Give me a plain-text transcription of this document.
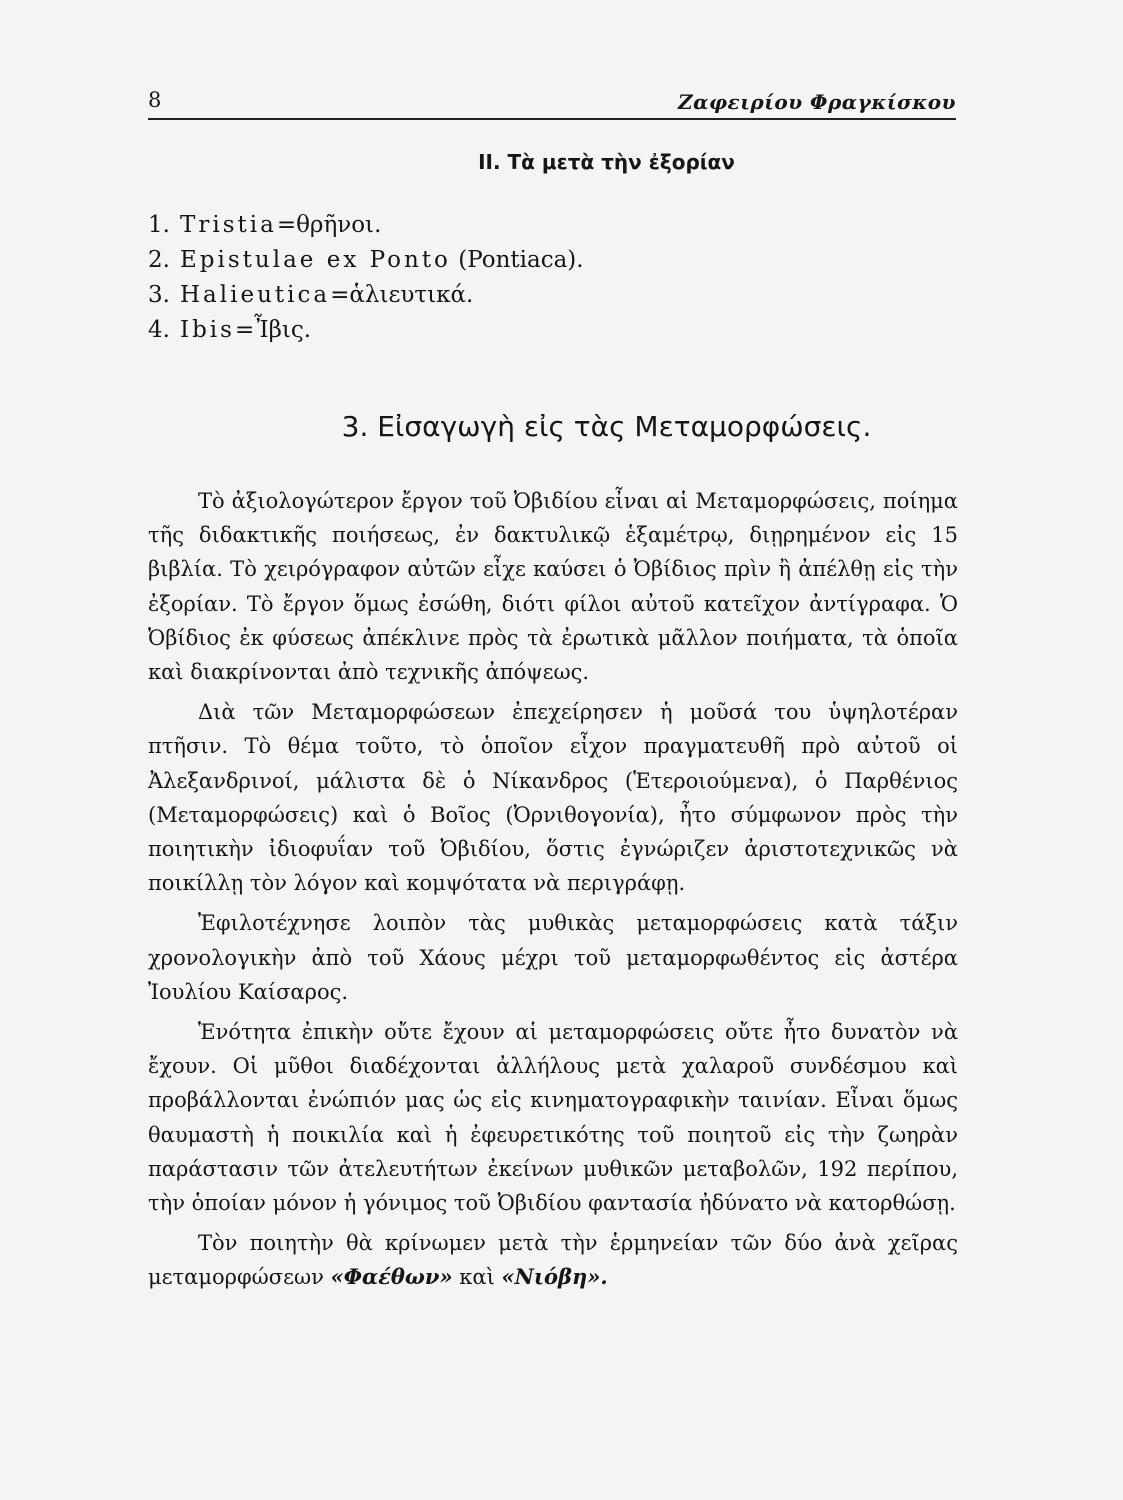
8	Ζαφειρίου Φραγκίσκου
II. Τὰ μετὰ τὴν ἐξορίαν
1. Tristia=θρῆνοι.
2. Epistulae ex Ponto (Pontiaca).
3. Halieutica=ἁλιευτικά.
4. Ibis=Ἶβις.
3. Εἰσαγωγὴ εἰς τὰς Μεταμορφώσεις.

Τὸ ἀξιολογώτερον ἔργον τοῦ Ὀβιδίου εἶναι αἱ Μεταμορφώσεις, ποίημα τῆς διδακτικῆς ποιήσεως, ἐν δακτυλικῷ ἑξαμέτρῳ, διῃρημένον εἰς 15 βιβλία. Τὸ χειρόγραφον αὐτῶν εἶχε καύσει ὁ Ὀβίδιος πρὶν ἢ ἀπέλθῃ εἰς τὴν ἐξορίαν. Τὸ ἔργον ὅμως ἐσώθη, διότι φίλοι αὐτοῦ κατεῖχον ἀντίγραφα. Ὁ Ὀβίδιος ἐκ φύσεως ἀπέκλινε πρὸς τὰ ἐρωτικὰ μᾶλλον ποιήματα, τὰ ὁποῖα καὶ διακρίνονται ἀπὸ τεχνικῆς ἀπόψεως.

Διὰ τῶν Μεταμορφώσεων ἐπεχείρησεν ἡ μοῦσά του ὑψηλοτέραν πτῆσιν. Τὸ θέμα τοῦτο, τὸ ὁποῖον εἶχον πραγματευθῆ πρὸ αὐτοῦ οἱ Ἀλεξανδρινοί, μάλιστα δὲ ὁ Νίκανδρος (Ἑτεροιούμενα), ὁ Παρθένιος (Μεταμορφώσεις) καὶ ὁ Βοῖος (Ὀρνιθογονία), ἦτο σύμφωνον πρὸς τὴν ποιητικὴν ἰδιοφυΐαν τοῦ Ὀβιδίου, ὅστις ἐγνώριζεν ἀριστοτεχνικῶς νὰ ποικίλλῃ τὸν λόγον καὶ κομψότατα νὰ περιγράφῃ.

Ἐφιλοτέχνησε λοιπὸν τὰς μυθικὰς μεταμορφώσεις κατὰ τάξιν χρονολογικὴν ἀπὸ τοῦ Χάους μέχρι τοῦ μεταμορφωθέντος εἰς ἀστέρα Ἰουλίου Καίσαρος.

Ἑνότητα ἐπικὴν οὔτε ἔχουν αἱ μεταμορφώσεις οὔτε ἦτο δυνατὸν νὰ ἔχουν. Οἱ μῦθοι διαδέχονται ἀλλήλους μετὰ χαλαροῦ συνδέσμου καὶ προβάλλονται ἐνώπιόν μας ὡς εἰς κινηματογραφικὴν ταινίαν. Εἶναι ὅμως θαυμαστὴ ἡ ποικιλία καὶ ἡ ἐφευρετικότης τοῦ ποιητοῦ εἰς τὴν ζωηρὰν παράστασιν τῶν ἀτελευτήτων ἐκείνων μυθικῶν μεταβολῶν, 192 περίπου, τὴν ὁποίαν μόνον ἡ γόνιμος τοῦ Ὀβιδίου φαντασία ἠδύνατο νὰ κατορθώσῃ.

Τὸν ποιητὴν θὰ κρίνωμεν μετὰ τὴν ἑρμηνείαν τῶν δύο ἀνὰ χεῖρας μεταμορφώσεων «Φαέθων» καὶ «Νιόβη».
